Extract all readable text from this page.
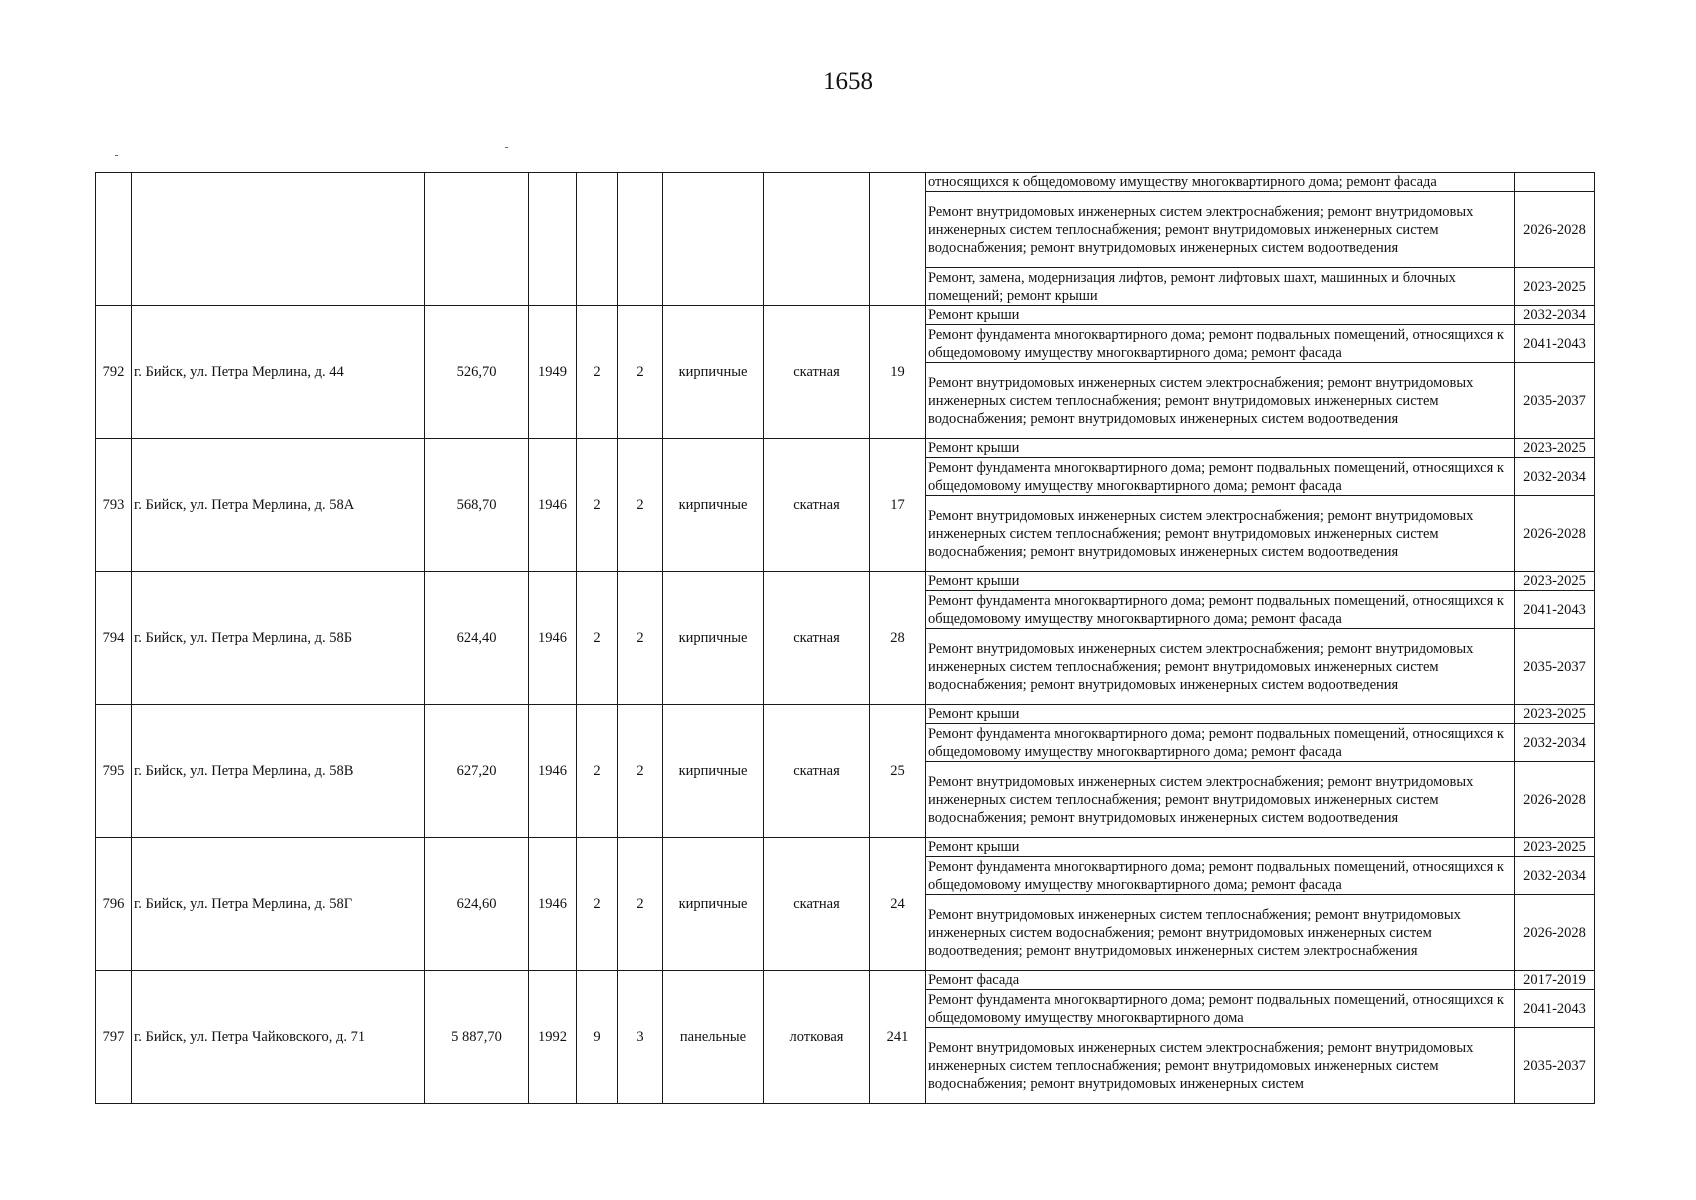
1658
									относящихся к общедомовому имуществу многоквартирного дома; ремонт фасада	
									Ремонт внутридомовых инженерных систем электроснабжения; ремонт внутридомовых инженерных систем теплоснабжения; ремонт внутридомовых инженерных систем водоснабжения; ремонт внутридомовых инженерных систем водоотведения	2026-2028
									Ремонт, замена, модернизация лифтов, ремонт лифтовых шахт, машинных и блочных помещений; ремонт крыши	2023-2025
792	г. Бийск, ул. Петра Мерлина, д. 44	526,70	1949	2	2	кирпичные	скатная	19	Ремонт крыши	2032-2034
									Ремонт фундамента многоквартирного дома; ремонт подвальных помещений, относящихся к общедомовому имуществу многоквартирного дома; ремонт фасада	2041-2043
									Ремонт внутридомовых инженерных систем электроснабжения; ремонт внутридомовых инженерных систем теплоснабжения; ремонт внутридомовых инженерных систем водоснабжения; ремонт внутридомовых инженерных систем водоотведения	2035-2037
793	г. Бийск, ул. Петра Мерлина, д. 58А	568,70	1946	2	2	кирпичные	скатная	17	Ремонт крыши	2023-2025
									Ремонт фундамента многоквартирного дома; ремонт подвальных помещений, относящихся к общедомовому имуществу многоквартирного дома; ремонт фасада	2032-2034
									Ремонт внутридомовых инженерных систем электроснабжения; ремонт внутридомовых инженерных систем теплоснабжения; ремонт внутридомовых инженерных систем водоснабжения; ремонт внутридомовых инженерных систем водоотведения	2026-2028
794	г. Бийск, ул. Петра Мерлина, д. 58Б	624,40	1946	2	2	кирпичные	скатная	28	Ремонт крыши	2023-2025
									Ремонт фундамента многоквартирного дома; ремонт подвальных помещений, относящихся к общедомовому имуществу многоквартирного дома; ремонт фасада	2041-2043
									Ремонт внутридомовых инженерных систем электроснабжения; ремонт внутридомовых инженерных систем теплоснабжения; ремонт внутридомовых инженерных систем водоснабжения; ремонт внутридомовых инженерных систем водоотведения	2035-2037
795	г. Бийск, ул. Петра Мерлина, д. 58В	627,20	1946	2	2	кирпичные	скатная	25	Ремонт крыши	2023-2025
									Ремонт фундамента многоквартирного дома; ремонт подвальных помещений, относящихся к общедомовому имуществу многоквартирного дома; ремонт фасада	2032-2034
									Ремонт внутридомовых инженерных систем электроснабжения; ремонт внутридомовых инженерных систем теплоснабжения; ремонт внутридомовых инженерных систем водоснабжения; ремонт внутридомовых инженерных систем водоотведения	2026-2028
796	г. Бийск, ул. Петра Мерлина, д. 58Г	624,60	1946	2	2	кирпичные	скатная	24	Ремонт крыши	2023-2025
									Ремонт фундамента многоквартирного дома; ремонт подвальных помещений, относящихся к общедомовому имуществу многоквартирного дома; ремонт фасада	2032-2034
									Ремонт внутридомовых инженерных систем теплоснабжения; ремонт внутридомовых инженерных систем водоснабжения; ремонт внутридомовых инженерных систем водоотведения; ремонт внутридомовых инженерных систем электроснабжения	2026-2028
797	г. Бийск, ул. Петра Чайковского, д. 71	5 887,70	1992	9	3	панельные	лотковая	241	Ремонт фасада	2017-2019
									Ремонт фундамента многоквартирного дома; ремонт подвальных помещений, относящихся к общедомовому имуществу многоквартирного дома	2041-2043
									Ремонт внутридомовых инженерных систем электроснабжения; ремонт внутридомовых инженерных систем теплоснабжения; ремонт внутридомовых инженерных систем водоснабжения; ремонт внутридомовых инженерных систем	2035-2037
